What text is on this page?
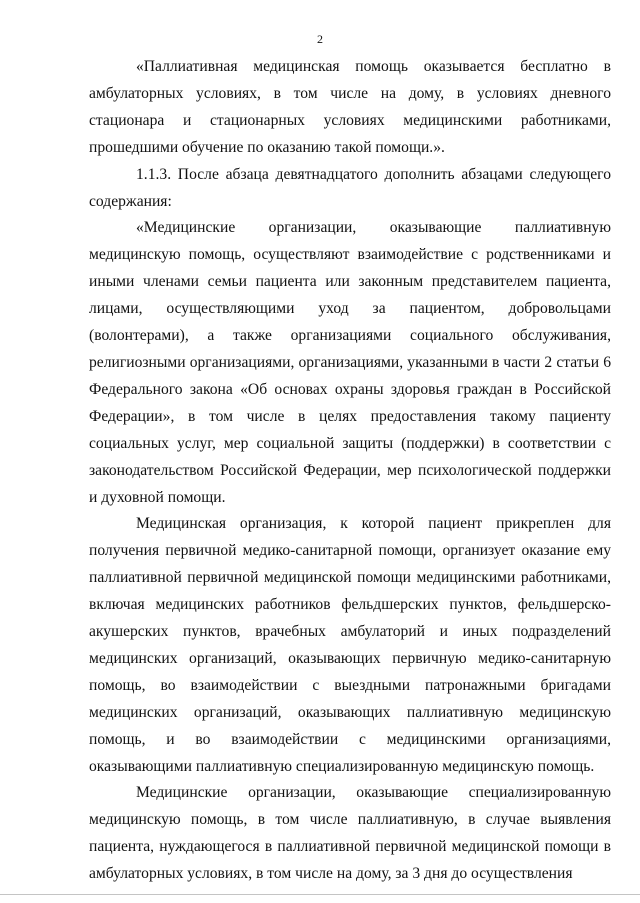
2

«Паллиативная медицинская помощь оказывается бесплатно в амбулаторных условиях, в том числе на дому, в условиях дневного стационара и стационарных условиях медицинскими работниками, прошедшими обучение по оказанию такой помощи.».

1.1.3. После абзаца девятнадцатого дополнить абзацами следующего содержания:

«Медицинские организации, оказывающие паллиативную медицинскую помощь, осуществляют взаимодействие с родственниками и иными членами семьи пациента или законным представителем пациента, лицами, осуществляющими уход за пациентом, добровольцами (волонтерами), а также организациями социального обслуживания, религиозными организациями, организациями, указанными в части 2 статьи 6 Федерального закона «Об основах охраны здоровья граждан в Российской Федерации», в том числе в целях предоставления такому пациенту социальных услуг, мер социальной защиты (поддержки) в соответствии с законодательством Российской Федерации, мер психологической поддержки и духовной помощи.

Медицинская организация, к которой пациент прикреплен для получения первичной медико-санитарной помощи, организует оказание ему паллиативной первичной медицинской помощи медицинскими работниками, включая медицинских работников фельдшерских пунктов, фельдшерско-акушерских пунктов, врачебных амбулаторий и иных подразделений медицинских организаций, оказывающих первичную медико-санитарную помощь, во взаимодействии с выездными патронажными бригадами медицинских организаций, оказывающих паллиативную медицинскую помощь, и во взаимодействии с медицинскими организациями, оказывающими паллиативную специализированную медицинскую помощь.

Медицинские организации, оказывающие специализированную медицинскую помощь, в том числе паллиативную, в случае выявления пациента, нуждающегося в паллиативной первичной медицинской помощи в амбулаторных условиях, в том числе на дому, за 3 дня до осуществления
